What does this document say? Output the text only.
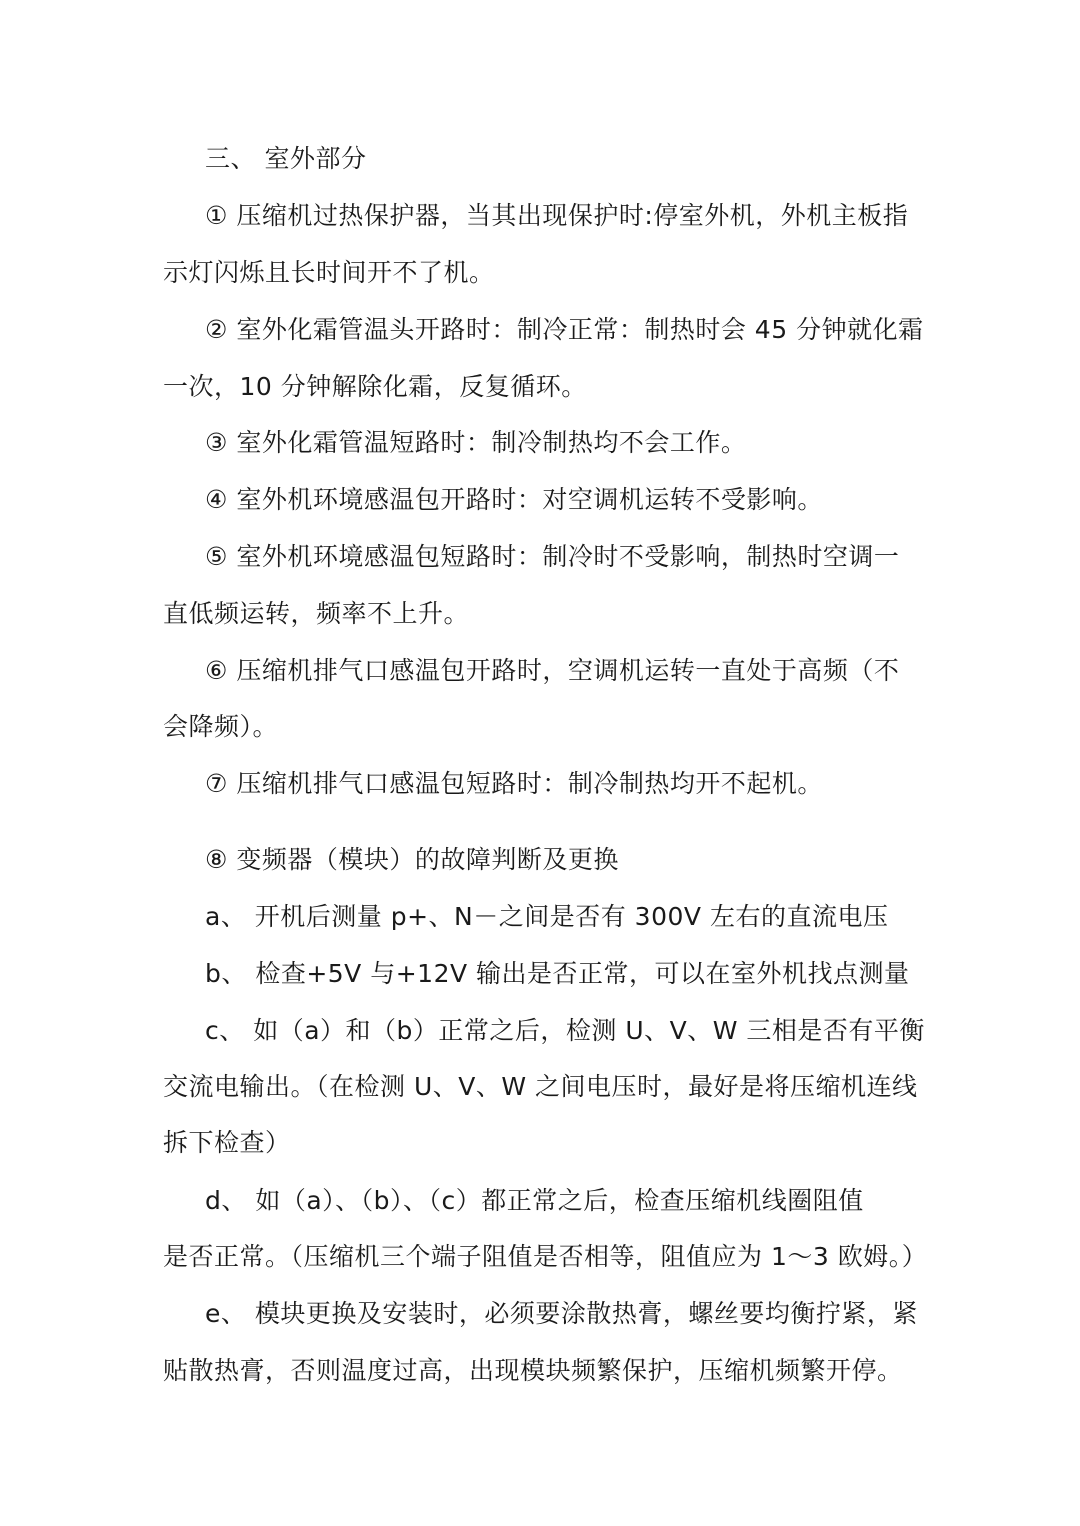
三、 室外部分
① 压缩机过热保护器，当其出现保护时:停室外机，外机主板指
示灯闪烁且长时间开不了机。
② 室外化霜管温头开路时：制冷正常：制热时会 45 分钟就化霜
一次，10 分钟解除化霜，反复循环。
③ 室外化霜管温短路时：制冷制热均不会工作。
④ 室外机环境感温包开路时：对空调机运转不受影响。
⑤ 室外机环境感温包短路时：制冷时不受影响，制热时空调一
直低频运转，频率不上升。
⑥ 压缩机排气口感温包开路时，空调机运转一直处于高频（不
会降频）。
⑦ 压缩机排气口感温包短路时：制冷制热均开不起机。
⑧ 变频器（模块）的故障判断及更换
a、 开机后测量 p+、N－之间是否有 300V 左右的直流电压
b、 检查+5V 与+12V 输出是否正常，可以在室外机找点测量
c、 如（a）和（b）正常之后，检测 U、V、W 三相是否有平衡
交流电输出。（在检测 U、V、W 之间电压时，最好是将压缩机连线
拆下检查）
d、 如（a）、（b）、（c）都正常之后，检查压缩机线圈阻值
是否正常。（压缩机三个端子阻值是否相等，阻值应为 1～3 欧姆。）
e、 模块更换及安装时，必须要涂散热膏，螺丝要均衡拧紧，紧
贴散热膏，否则温度过高，出现模块频繁保护，压缩机频繁开停。
